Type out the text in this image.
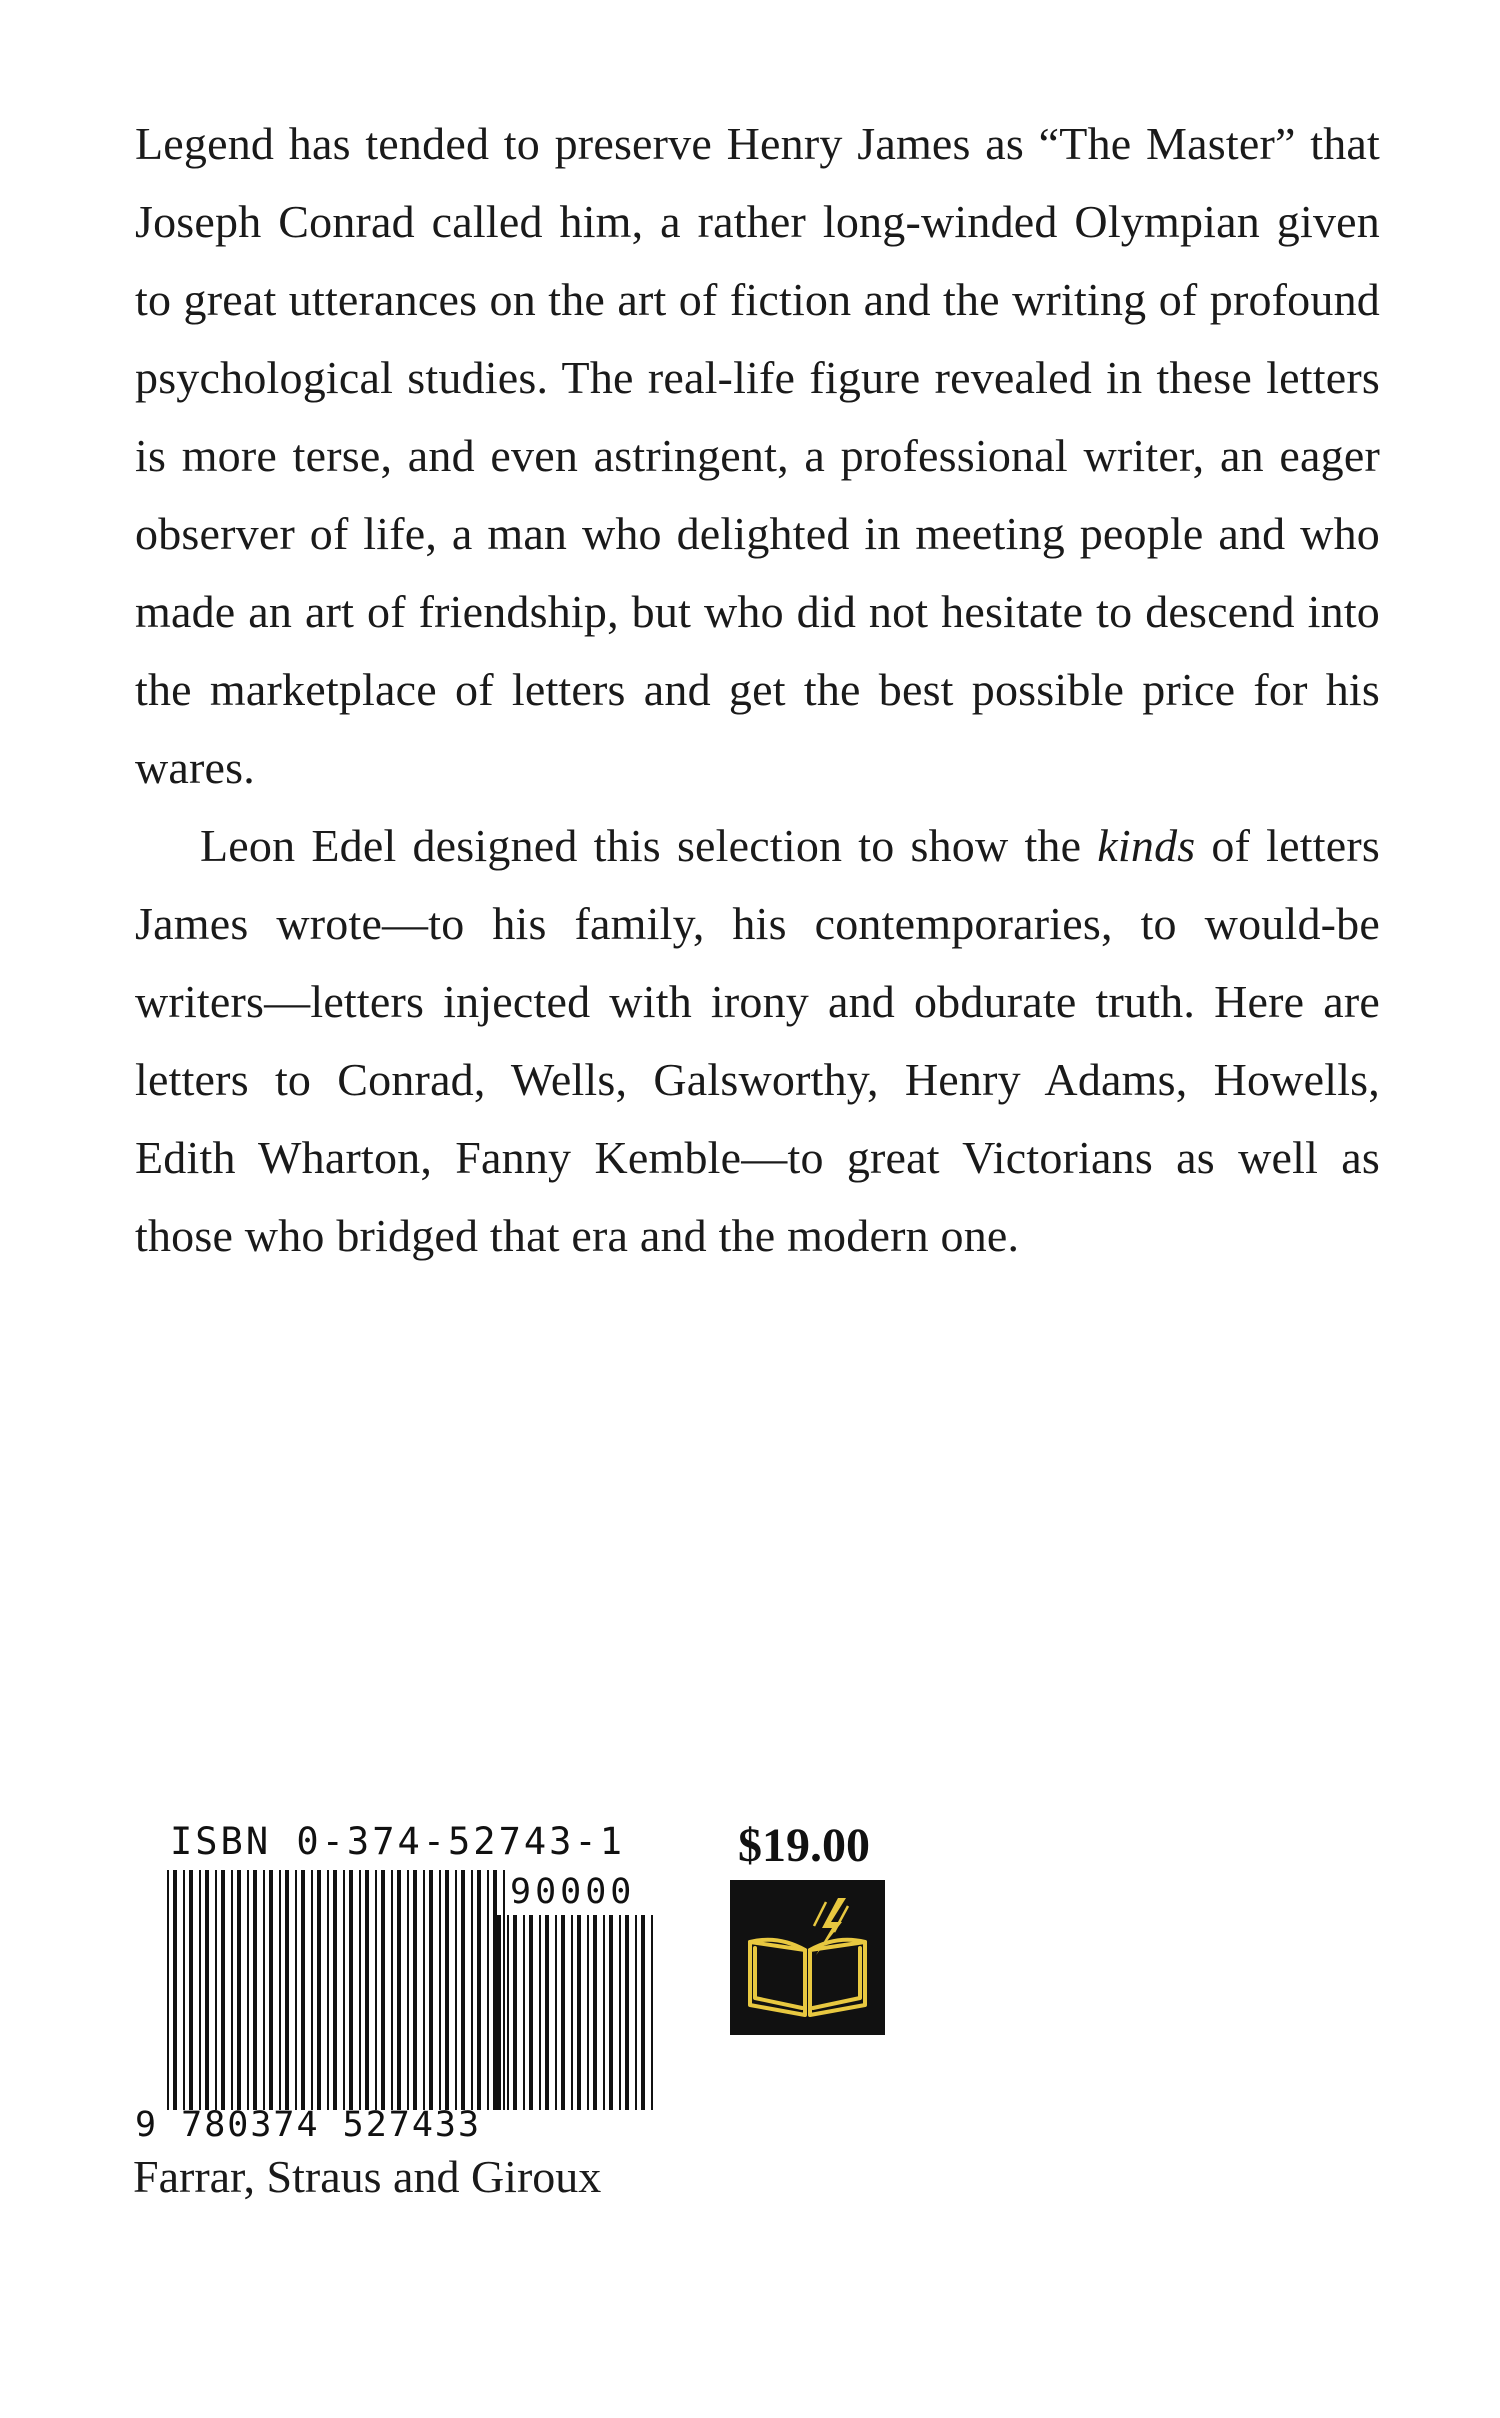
Legend has tended to preserve Henry James as “The Master” that Joseph Conrad called him, a rather long-winded Olympian given to great utterances on the art of fiction and the writing of profound psychological studies. The real-life figure revealed in these letters is more terse, and even astringent, a professional writer, an eager observer of life, a man who delighted in meeting people and who made an art of friendship, but who did not hesitate to descend into the marketplace of letters and get the best possible price for his wares.

Leon Edel designed this selection to show the kinds of letters James wrote—to his family, his contemporaries, to would-be writers—letters injected with irony and obdurate truth. Here are letters to Conrad, Wells, Galsworthy, Henry Adams, Howells, Edith Wharton, Fanny Kemble—to great Victorians as well as those who bridged that era and the modern one.

ISBN 0-374-52743-1
90000
9 780374 527433
$19.00
Farrar, Straus and Giroux
